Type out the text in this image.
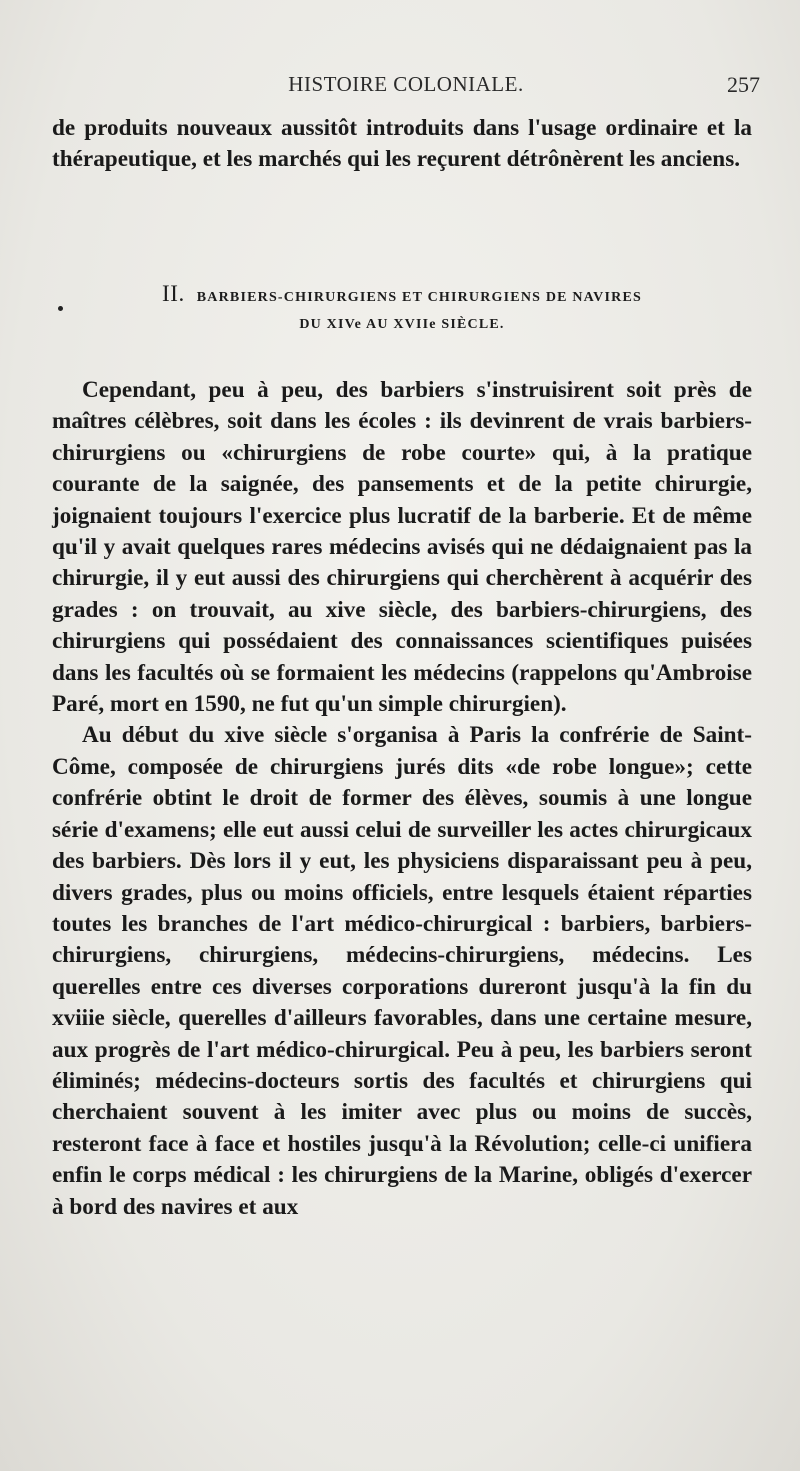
HISTOIRE COLONIALE.	257

de produits nouveaux aussitôt introduits dans l'usage ordinaire et la thérapeutique, et les marchés qui les reçurent détrônèrent les anciens.

II. BARBIERS-CHIRURGIENS ET CHIRURGIENS DE NAVIRES
DU XIVe AU XVIIe SIÈCLE.

Cependant, peu à peu, des barbiers s'instruisirent soit près de maîtres célèbres, soit dans les écoles : ils devinrent de vrais barbiers-chirurgiens ou «chirurgiens de robe courte» qui, à la pratique courante de la saignée, des pansements et de la petite chirurgie, joignaient toujours l'exercice plus lucratif de la barberie. Et de même qu'il y avait quelques rares médecins avisés qui ne dédaignaient pas la chirurgie, il y eut aussi des chirurgiens qui cherchèrent à acquérir des grades : on trouvait, au xive siècle, des barbiers-chirurgiens, des chirurgiens qui possédaient des connaissances scientifiques puisées dans les facultés où se formaient les médecins (rappelons qu'Ambroise Paré, mort en 1590, ne fut qu'un simple chirurgien).

Au début du xive siècle s'organisa à Paris la confrérie de Saint-Côme, composée de chirurgiens jurés dits «de robe longue»; cette confrérie obtint le droit de former des élèves, soumis à une longue série d'examens; elle eut aussi celui de surveiller les actes chirurgicaux des barbiers. Dès lors il y eut, les physiciens disparaissant peu à peu, divers grades, plus ou moins officiels, entre lesquels étaient réparties toutes les branches de l'art médico-chirurgical : barbiers, barbiers-chirurgiens, chirurgiens, médecins-chirurgiens, médecins. Les querelles entre ces diverses corporations dureront jusqu'à la fin du xviiie siècle, querelles d'ailleurs favorables, dans une certaine mesure, aux progrès de l'art médico-chirurgical. Peu à peu, les barbiers seront éliminés; médecins-docteurs sortis des facultés et chirurgiens qui cherchaient souvent à les imiter avec plus ou moins de succès, resteront face à face et hostiles jusqu'à la Révolution; celle-ci unifiera enfin le corps médical : les chirurgiens de la Marine, obligés d'exercer à bord des navires et aux
